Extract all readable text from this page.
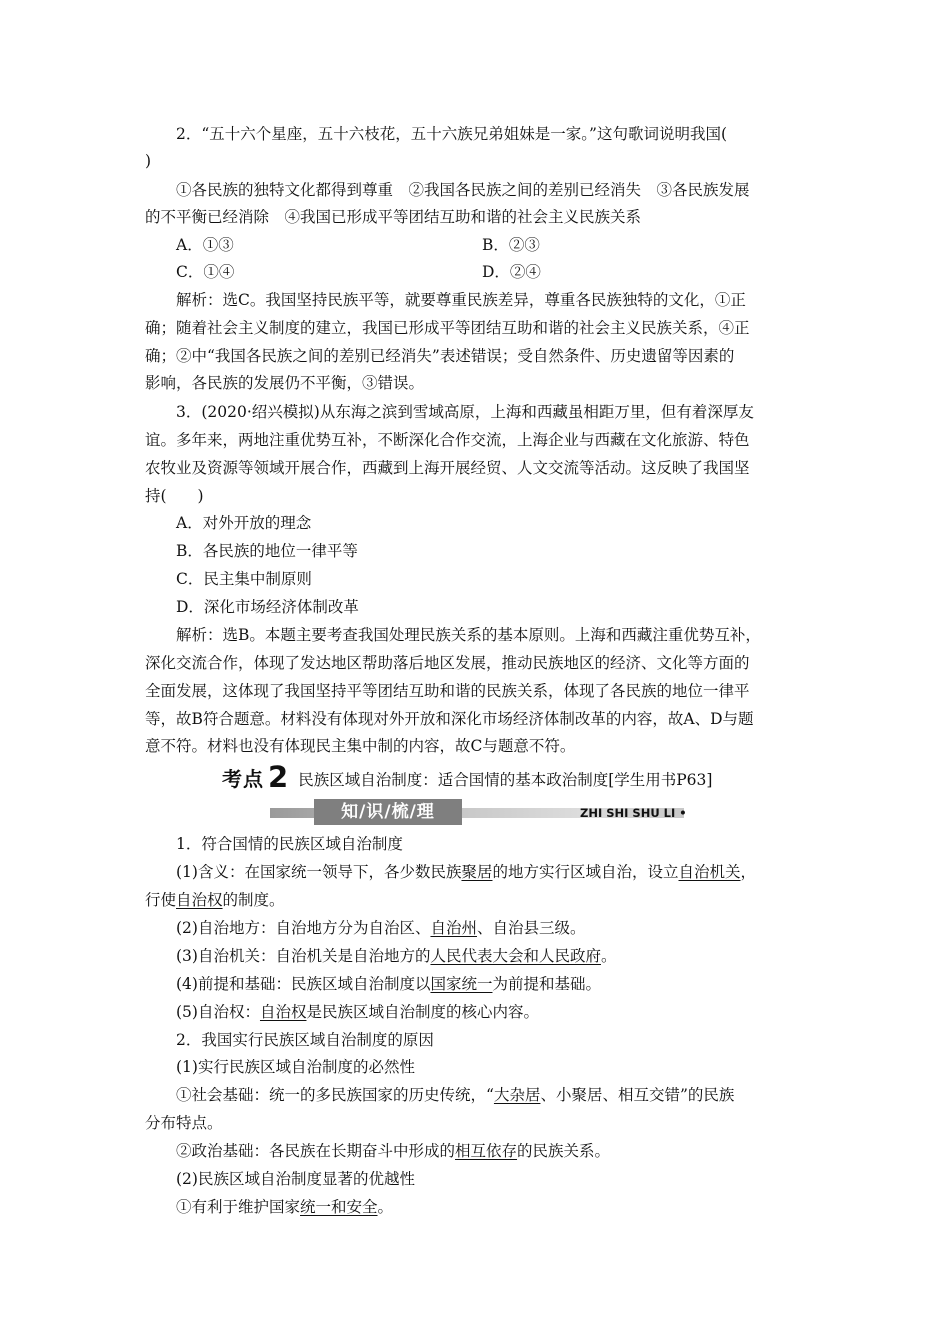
2．“五十六个星座，五十六枝花，五十六族兄弟姐妹是一家。”这句歌词说明我国(
)
①各民族的独特文化都得到尊重　②我国各民族之间的差别已经消失　③各民族发展
的不平衡已经消除　④我国已形成平等团结互助和谐的社会主义民族关系
A．①③	B．②③
C．①④	D．②④
解析：选C。我国坚持民族平等，就要尊重民族差异，尊重各民族独特的文化，①正
确；随着社会主义制度的建立，我国已形成平等团结互助和谐的社会主义民族关系，④正
确；②中“我国各民族之间的差别已经消失”表述错误；受自然条件、历史遗留等因素的
影响，各民族的发展仍不平衡，③错误。
3．(2020·绍兴模拟)从东海之滨到雪域高原，上海和西藏虽相距万里，但有着深厚友
谊。多年来，两地注重优势互补，不断深化合作交流，上海企业与西藏在文化旅游、特色
农牧业及资源等领域开展合作，西藏到上海开展经贸、人文交流等活动。这反映了我国坚
持(　　)
A．对外开放的理念
B．各民族的地位一律平等
C．民主集中制原则
D．深化市场经济体制改革
解析：选B。本题主要考查我国处理民族关系的基本原则。上海和西藏注重优势互补，
深化交流合作，体现了发达地区帮助落后地区发展，推动民族地区的经济、文化等方面的
全面发展，这体现了我国坚持平等团结互助和谐的民族关系，体现了各民族的地位一律平
等，故B符合题意。材料没有体现对外开放和深化市场经济体制改革的内容，故A、D与题
意不符。材料也没有体现民主集中制的内容，故C与题意不符。
考点 2 民族区域自治制度：适合国情的基本政治制度[学生用书P63]
知/识/梳/理	ZHI SHI SHU LI •
1．符合国情的民族区域自治制度
(1)含义：在国家统一领导下，各少数民族聚居的地方实行区域自治，设立自治机关，
行使自治权的制度。
(2)自治地方：自治地方分为自治区、自治州、自治县三级。
(3)自治机关：自治机关是自治地方的人民代表大会和人民政府。
(4)前提和基础：民族区域自治制度以国家统一为前提和基础。
(5)自治权：自治权是民族区域自治制度的核心内容。
2．我国实行民族区域自治制度的原因
(1)实行民族区域自治制度的必然性
①社会基础：统一的多民族国家的历史传统，“大杂居、小聚居、相互交错”的民族
分布特点。
②政治基础：各民族在长期奋斗中形成的相互依存的民族关系。
(2)民族区域自治制度显著的优越性
①有利于维护国家统一和安全。
